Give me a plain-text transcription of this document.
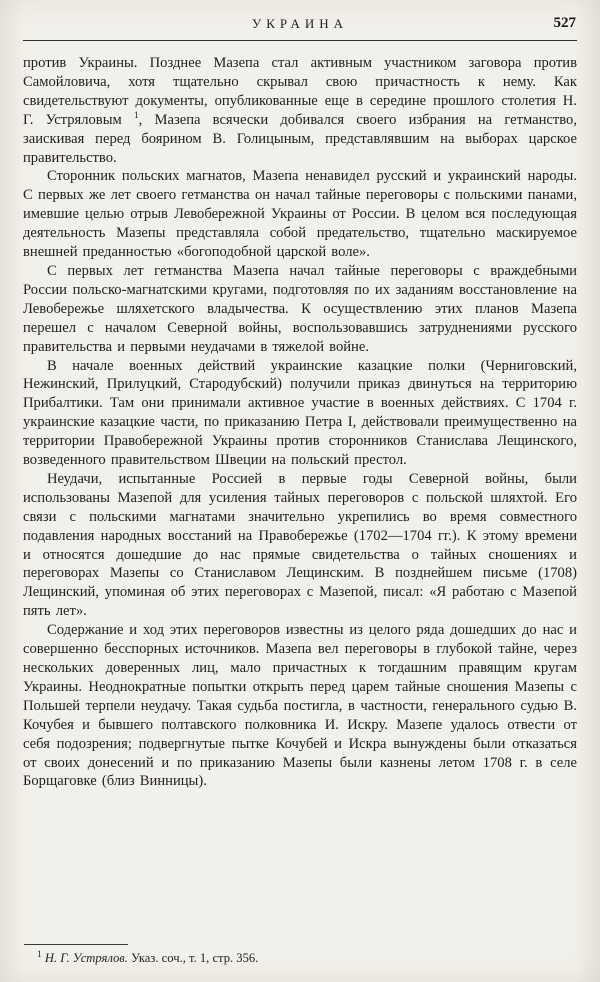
УКРАИНА	527

против Украины. Позднее Мазепа стал активным участником заговора против Самойловича, хотя тщательно скрывал свою причастность к нему. Как свидетельствуют документы, опубликованные еще в середине прошлого столетия Н. Г. Устряловым $^1$, Мазепа всячески добивался своего избрания на гетманство, заискивая перед боярином В. Голицыным, представлявшим на выборах царское правительство.

Сторонник польских магнатов, Мазепа ненавидел русский и украинский народы. С первых же лет своего гетманства он начал тайные переговоры с польскими панами, имевшие целью отрыв Левобережной Украины от России. В целом вся последующая деятельность Мазепы представляла собой предательство, тщательно маскируемое внешней преданностью «богоподобной царской воле».

С первых лет гетманства Мазепа начал тайные переговоры с враждебными России польско-магнатскими кругами, подготовляя по их заданиям восстановление на Левобережье шляхетского владычества. К осуществлению этих планов Мазепа перешел с началом Северной войны, воспользовавшись затруднениями русского правительства и первыми неудачами в тяжелой войне.

В начале военных действий украинские казацкие полки (Черниговский, Нежинский, Прилуцкий, Стародубский) получили приказ двинуться на территорию Прибалтики. Там они принимали активное участие в военных действиях. С 1704 г. украинские казацкие части, по приказанию Петра I, действовали преимущественно на территории Правобережной Украины против сторонников Станислава Лещинского, возведенного правительством Швеции на польский престол.

Неудачи, испытанные Россией в первые годы Северной войны, были использованы Мазепой для усиления тайных переговоров с польской шляхтой. Его связи с польскими магнатами значительно укрепились во время совместного подавления народных восстаний на Правобережье (1702—1704 гг.). К этому времени и относятся дошедшие до нас прямые свидетельства о тайных сношениях и переговорах Мазепы со Станиславом Лещинским. В позднейшем письме (1708) Лещинский, упоминая об этих переговорах с Мазепой, писал: «Я работаю с Мазепой пять лет».

Содержание и ход этих переговоров известны из целого ряда дошедших до нас и совершенно бесспорных источников. Мазепа вел переговоры в глубокой тайне, через нескольких доверенных лиц, мало причастных к тогдашним правящим кругам Украины. Неоднократные попытки открыть перед царем тайные сношения Мазепы с Польшей терпели неудачу. Такая судьба постигла, в частности, генерального судью В. Кочубея и бывшего полтавского полковника И. Искру. Мазепе удалось отвести от себя подозрения; подвергнутые пытке Кочубей и Искра вынуждены были отказаться от своих донесений и по приказанию Мазепы были казнены летом 1708 г. в селе Борщаговке (близ Винницы).

$^1$ Н. Г. Устрялов. Указ. соч., т. 1, стр. 356.
